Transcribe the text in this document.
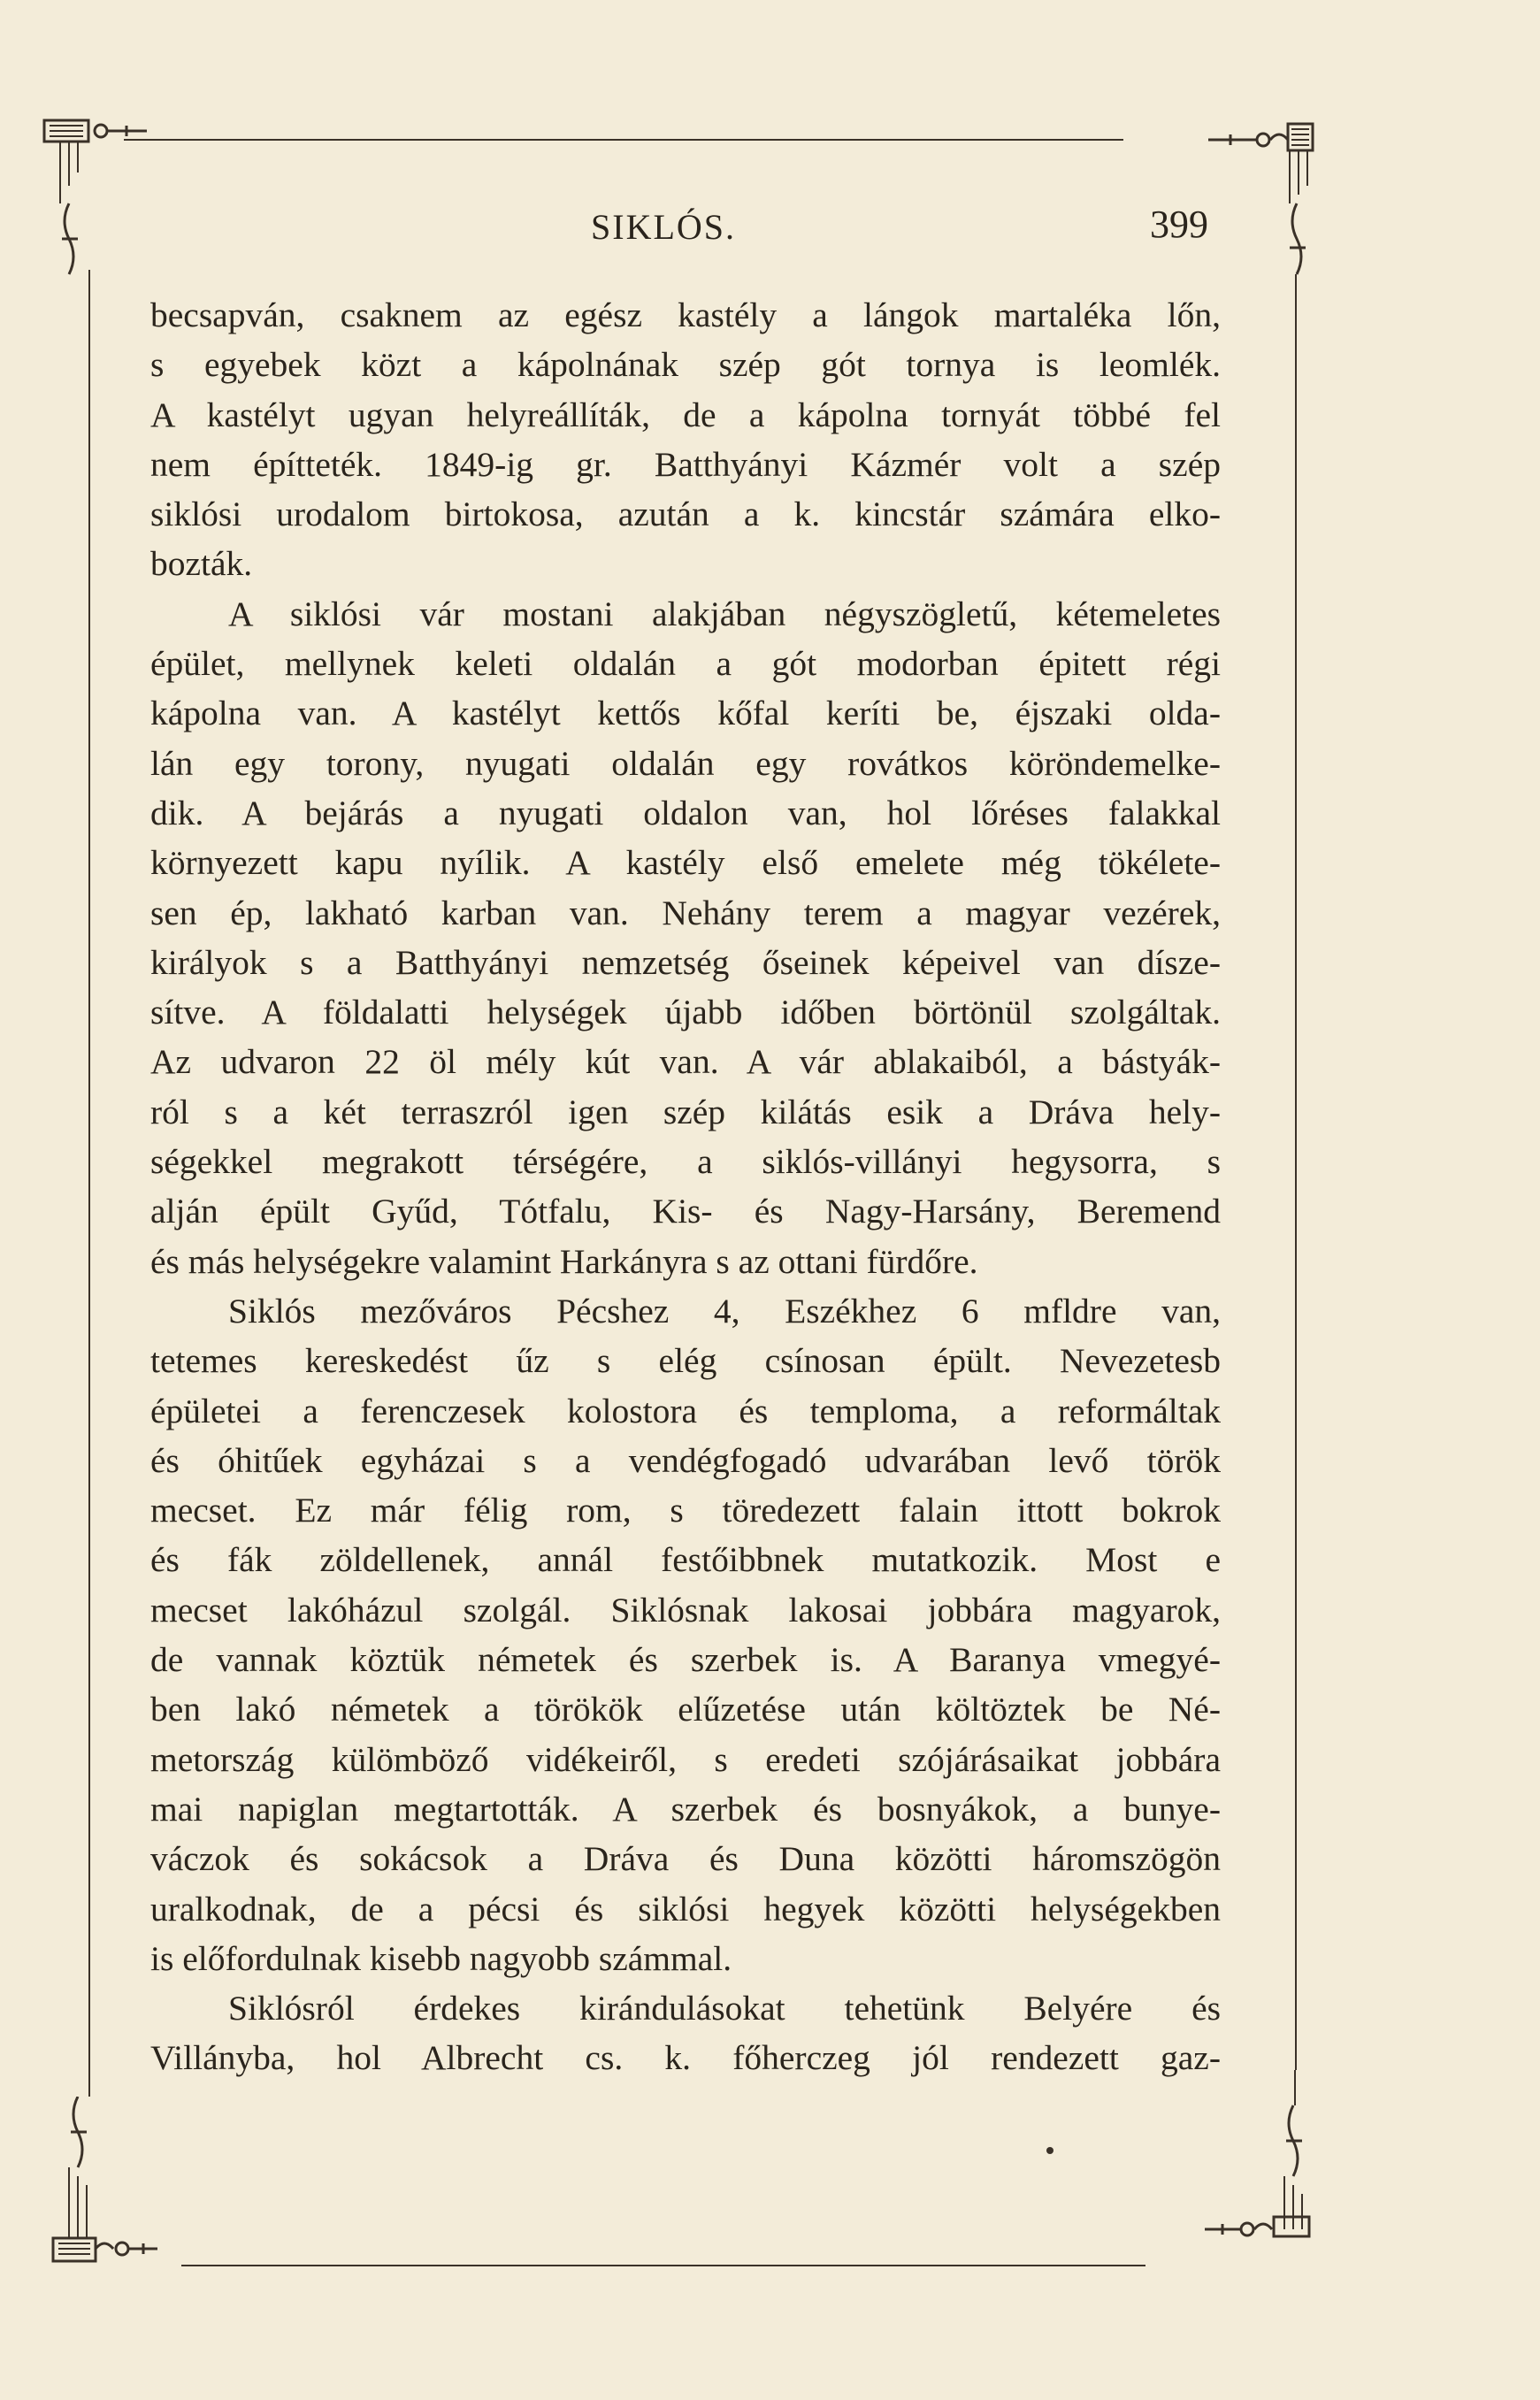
SIKLÓS.	399
becsapván, csaknem az egész kastély a lángok martaléka lőn,
s egyebek közt a kápolnának szép gót tornya is leomlék.
A kastélyt ugyan helyreállíták, de a kápolna tornyát többé fel
nem építteték. 1849-ig gr. Batthyányi Kázmér volt a szép
siklósi urodalom birtokosa, azután a k. kincstár számára elko-
bozták.
A siklósi vár mostani alakjában négyszögletű, kétemeletes
épület, mellynek keleti oldalán a gót modorban épitett régi
kápolna van. A kastélyt kettős kőfal keríti be, éjszaki olda-
lán egy torony, nyugati oldalán egy rovátkos köröndemelke-
dik. A bejárás a nyugati oldalon van, hol lőréses falakkal
környezett kapu nyílik. A kastély első emelete még tökélete-
sen ép, lakható karban van. Nehány terem a magyar vezérek,
királyok s a Batthyányi nemzetség őseinek képeivel van dísze-
sítve. A földalatti helységek újabb időben börtönül szolgáltak.
Az udvaron 22 öl mély kút van. A vár ablakaiból, a bástyák-
ról s a két terraszról igen szép kilátás esik a Dráva hely-
ségekkel megrakott térségére, a siklós-villányi hegysorra, s
alján épült Gyűd, Tótfalu, Kis- és Nagy-Harsány, Beremend
és más helységekre valamint Harkányra s az ottani fürdőre.
Siklós mezőváros Pécshez 4, Eszékhez 6 mfldre van,
tetemes kereskedést űz s elég csínosan épült. Nevezetesb
épületei a ferenczesek kolostora és temploma, a reformáltak
és óhitűek egyházai s a vendégfogadó udvarában levő török
mecset. Ez már félig rom, s töredezett falain ittott bokrok
és fák zöldellenek, annál festőibbnek mutatkozik. Most e
mecset lakóházul szolgál. Siklósnak lakosai jobbára magyarok,
de vannak köztük németek és szerbek is. A Baranya vmegyé-
ben lakó németek a törökök elűzetése után költöztek be Né-
metország külömböző vidékeiről, s eredeti szójárásaikat jobbára
mai napiglan megtartották. A szerbek és bosnyákok, a bunye-
váczok és sokácsok a Dráva és Duna közötti háromszögön
uralkodnak, de a pécsi és siklósi hegyek közötti helységekben
is előfordulnak kisebb nagyobb számmal.
Siklósról érdekes kirándulásokat tehetünk Belyére és
Villányba, hol Albrecht cs. k. főherczeg jól rendezett gaz-
